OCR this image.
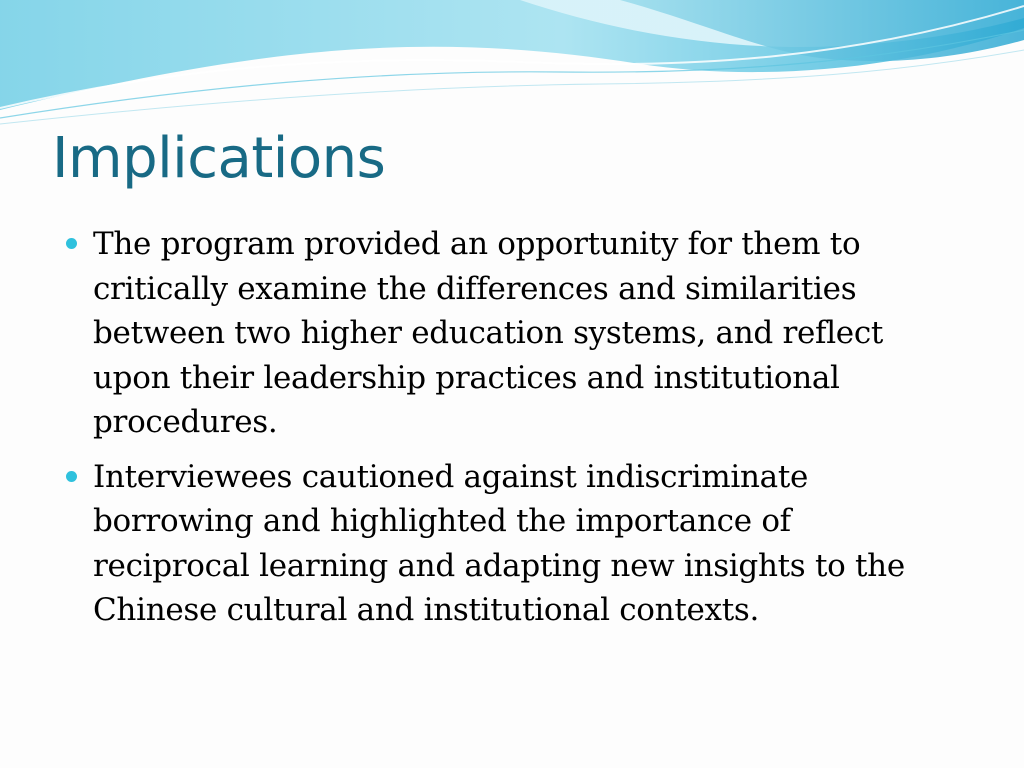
Implications
The program provided an opportunity for them to critically examine the differences and similarities between two higher education systems, and reflect upon their leadership practices and institutional procedures.
Interviewees cautioned against indiscriminate borrowing and highlighted the importance of reciprocal learning and adapting new insights to the Chinese cultural and institutional contexts.
